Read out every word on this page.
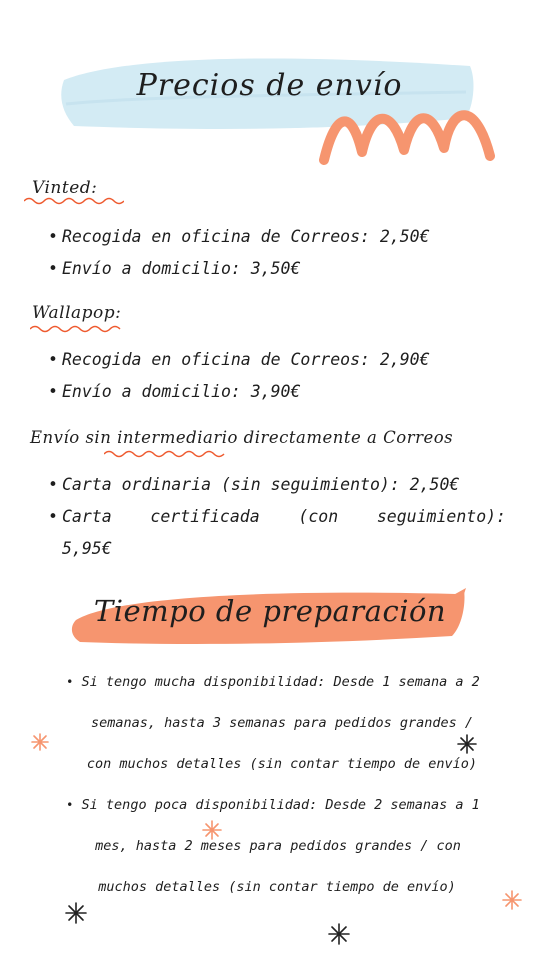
Precios de envío
Vinted:
• Recogida en oficina de Correos: 2,50€
• Envío a domicilio: 3,50€
Wallapop:
• Recogida en oficina de Correos: 2,90€
• Envío a domicilio: 3,90€
Envío sin intermediario directamente a Correos
• Carta ordinaria (sin seguimiento): 2,50€
• Carta certificada (con seguimiento):
5,95€
Tiempo de preparación
• Si tengo mucha disponibilidad: Desde 1 semana a 2
semanas, hasta 3 semanas para pedidos grandes /
con muchos detalles (sin contar tiempo de envío)
• Si tengo poca disponibilidad: Desde 2 semanas a 1
mes, hasta 2 meses para pedidos grandes / con
muchos detalles (sin contar tiempo de envío)
